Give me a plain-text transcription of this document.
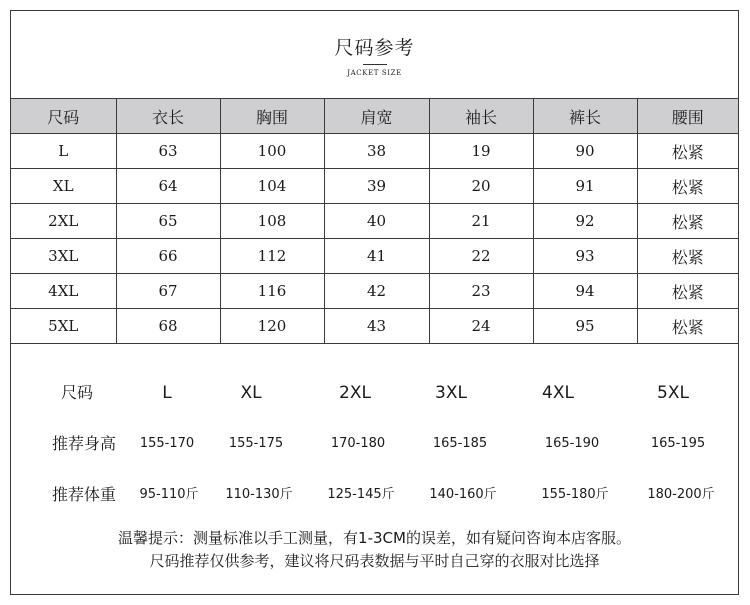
尺码参考
JACKET SIZE
尺码	衣长	胸围	肩宽	袖长	裤长	腰围
L	63	100	38	19	90	松紧
XL	64	104	39	20	91	松紧
2XL	65	108	40	21	92	松紧
3XL	66	112	41	22	93	松紧
4XL	67	116	42	23	94	松紧
5XL	68	120	43	24	95	松紧
尺码	L	XL	2XL	3XL	4XL	5XL
推荐身高 155-170	155-175	170-180	165-185	165-190	165-195
推荐体重 95-110斤 110-130斤	125-145斤	140-160斤	155-180斤	180-200斤
温馨提示：测量标准以手工测量，有1-3CM的误差，如有疑问咨询本店客服。
尺码推荐仅供参考，建议将尺码表数据与平时自己穿的衣服对比选择
